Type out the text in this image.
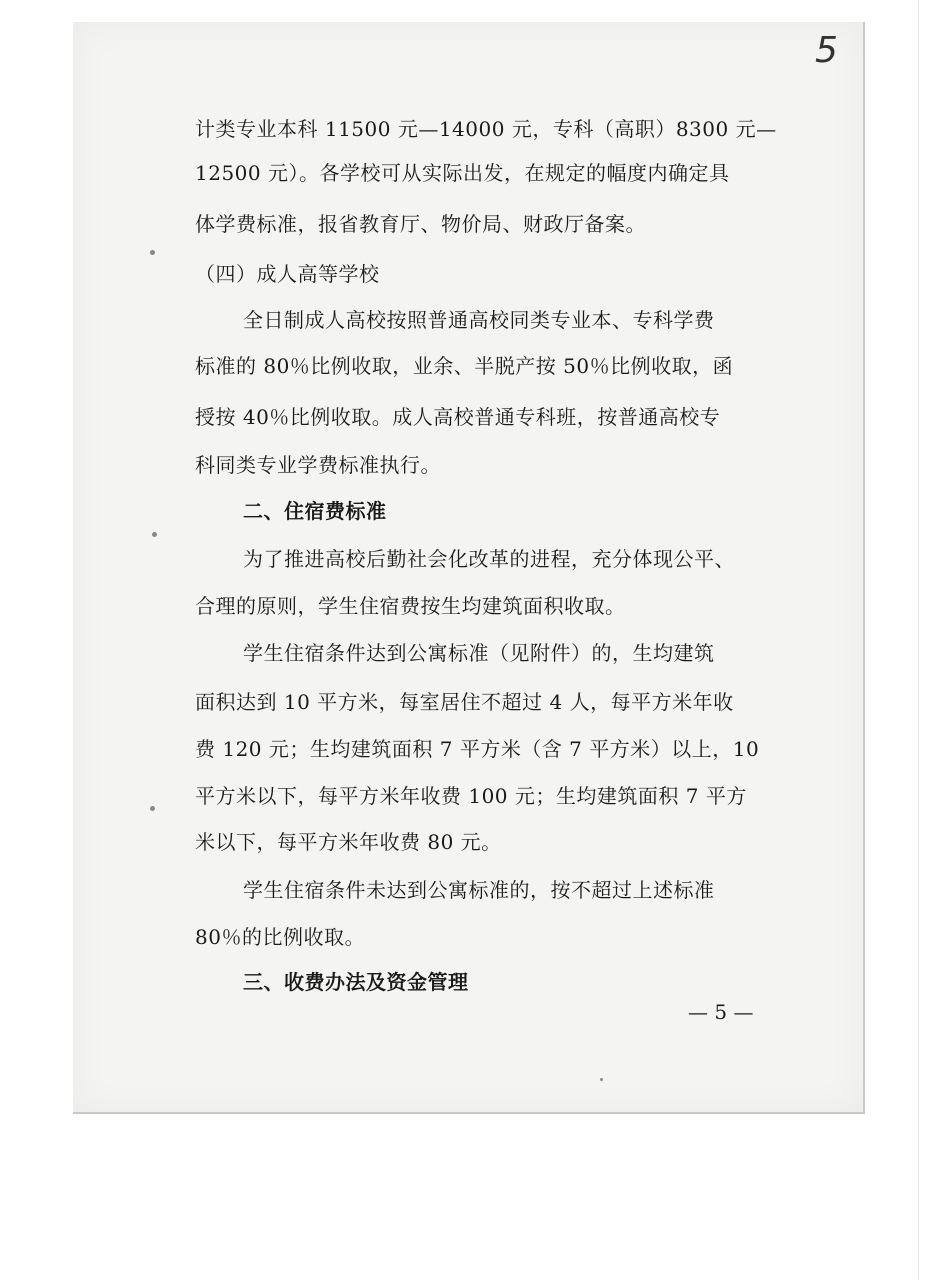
5
计类专业本科 11500 元—14000 元，专科（高职）8300 元—
12500 元）。各学校可从实际出发，在规定的幅度内确定具
体学费标准，报省教育厅、物价局、财政厅备案。
（四）成人高等学校
全日制成人高校按照普通高校同类专业本、专科学费
标准的 80％比例收取，业余、半脱产按 50％比例收取，函
授按 40％比例收取。成人高校普通专科班，按普通高校专
科同类专业学费标准执行。
二、住宿费标准
为了推进高校后勤社会化改革的进程，充分体现公平、
合理的原则，学生住宿费按生均建筑面积收取。
学生住宿条件达到公寓标准（见附件）的，生均建筑
面积达到 10 平方米，每室居住不超过 4 人，每平方米年收
费 120 元；生均建筑面积 7 平方米（含 7 平方米）以上，10
平方米以下，每平方米年收费 100 元；生均建筑面积 7 平方
米以下，每平方米年收费 80 元。
学生住宿条件未达到公寓标准的，按不超过上述标准
80％的比例收取。
三、收费办法及资金管理
— 5 —
